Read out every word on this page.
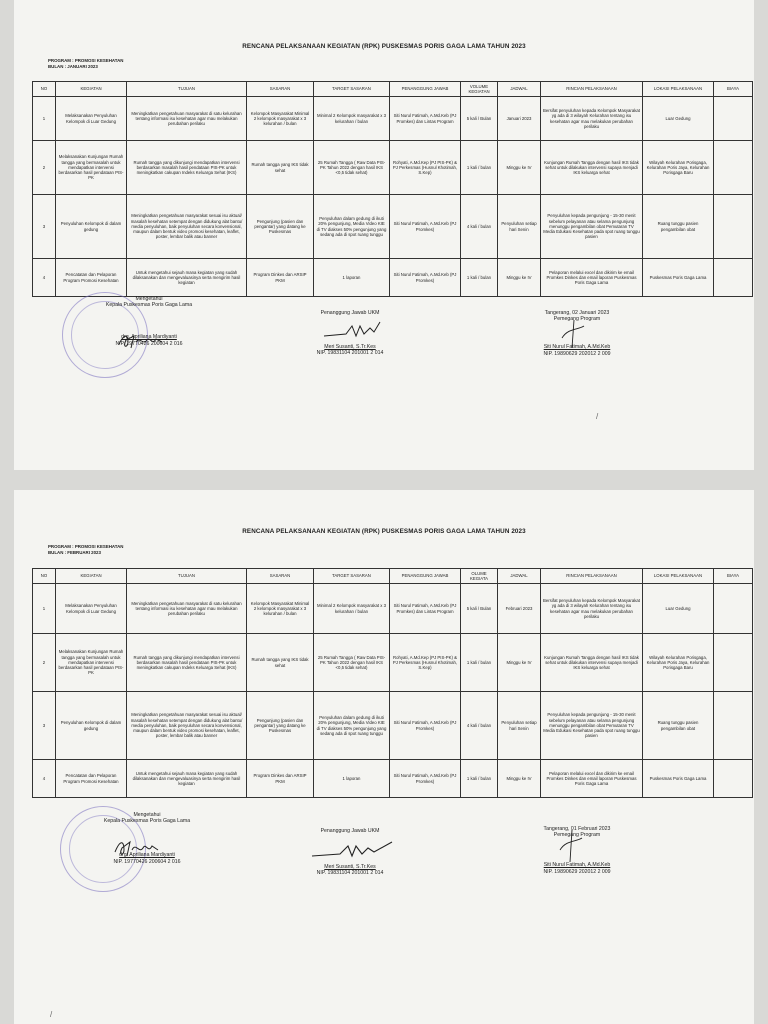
RENCANA PELAKSANAAN KEGIATAN (RPK) PUSKESMAS PORIS GAGA LAMA TAHUN 2023
PROGRAM : PROMOSI KESEHATAN
BULAN : JANUARI 2023
NO	KEGIATAN	TUJUAN	SASARAN	TARGET SASARAN	PENANGGUNG JAWAB	VOLUME KEGIATAN	JADWAL	RINCIAN PELAKSANAAN	LOKASI PELAKSANAAN	BIAYA
1	Melaksanakan Penyuluhan Kelompok di Luar Gedung	Meningkatkan pengetahuan masyarakat di satu kelurahan tentang informasi isu kesehatan agar mau melakukan perubahan perilaku	Kelompok Masyarakat Minimal 2 kelompok masyarakat x 3 kelurahan / bulan	Minimal 2 Kelompok masyarakat x 3 kelurahan / bulan	Siti Nurul Fatimah, A.Md.Keb (PJ Promkes) dan Lintas Program	5 kali / Bulan	Januari 2023	Bersifat penyuluhan kepada Kelompok Masyarakat yg ada di 3 wilayah Kelurahan tentang isu kesehatan agar mau melakukan perubahan perilaku	Luar Gedung	
2	Melaksanakan Kunjungan Rumah tangga yang bermasalah untuk mendapatkan intervensi berdasarkan hasil pendataan PIS-PK	Rumah tangga yang dikunjungi mendapatkan intervensi berdasarkan masalah hasil pendataan PIS-PK untuk meningkatkan cakupan Indeks Keluarga Sehat (IKS)	Rumah tangga yang IKS tidak sehat	25 Rumah Tangga ( Raw Data PIS-PK Tahun 2022 dengan hasil IKS <0,5 tidak sehat)	Rohyati, A.Md.Kep (PJ PIS-PK) & PJ Perkesmas (Husnul Khotimah, S.Kep)	1 kali / bulan	Minggu ke IV	Kunjungan Rumah Tangga dengan hasil IKS tidak sehat untuk dilakukan intervensi supaya menjadi IKS keluarga sehat	Wilayah Kelurahan Porisgaga, Kelurahan Poris Jaya, Kelurahan Porisgaga Baru	
3	Penyuluhan Kelompok di dalam gedung	Meningkatkan pengetahuan masyarakat sesuai isu aktual/ masalah kesehatan setempat dengan didukung alat bantu/ media penyuluhan, baik penyuluhan secara konvensional, maupun dalam bentuk video promosi kesehatan, leaflet, poster, lembar balik atau banner	Pengunjung (pasien dan pengantar) yang datang ke Puskesmas	Penyuluhan dalam gedung di ikuti 20% pengunjung, Media Video KIE di TV diakses 50% pengunjung yang sedang ada di spot ruang tunggu	Siti Nurul Fatimah, A.Md.Keb (PJ Promkes)	4 kali / bulan	Penyuluhan setiap hari Senin	Penyuluhan kepada pengunjung - 15-30 menit sebelum pelayanan atau selama pengunjung menunggu pengambilan obat Pemutaran TV Media Edukasi Kesehatan pada spot ruang tunggu pasien	Ruang tunggu pasien pengambilan obat	
4	Pencatatan dan Pelaporan Program Promosi Kesehatan	Untuk mengetahui sejauh mana kegiatan yang sudah dilaksanakan dan mengevaluasinya serta mengirim hasil kegiatan	Program Dinkes dan ARSIP PKM	1 laporan	Siti Nurul Fatimah, A.Md.Keb (PJ Promkes)	1 kali / bulan	Minggu ke IV	Pelaporan melalui excel dan dikirim ke email Promkes Dinkes dan email laporan Puskesmas Poris Gaga Lama	Puskesmas Poris Gaga Lama	
Mengetahui
Kepala Puskesmas Poris Gaga Lama
drg. Apriliana Mardiyanti
NIP. 19770426 200604 2 016
Penanggung Jawab UKM
Meri Susanti, S.Tr.Kes
NIP. 19831104 201001 2 014
Tangerang, 02 Januari 2023
Pemegang Program
Siti Nurul Fatimah, A.Md.Keb
NIP. 19890629 202012 2 009
/
RENCANA PELAKSANAAN KEGIATAN (RPK) PUSKESMAS PORIS GAGA LAMA TAHUN 2023
PROGRAM : PROMOSI KESEHATAN
BULAN : FEBRUARI 2023
NO	KEGIATAN	TUJUAN	SASARAN	TARGET SASARAN	PENANGGUNG JAWAB	OLUME KEGIATA	JADWAL	RINCIAN PELAKSANAAN	LOKASI PELAKSANAAN	BIAYA
1	Melaksanakan Penyuluhan Kelompok di Luar Gedung	Meningkatkan pengetahuan masyarakat di satu kelurahan tentang informasi isu kesehatan agar mau melakukan perubahan perilaku	Kelompok Masyarakat Minimal 2 kelompok masyarakat x 3 kelurahan / bulan	Minimal 2 Kelompok masyarakat x 3 kelurahan / bulan	Siti Nurul Fatimah, A.Md.Keb (PJ Promkes) dan Lintas Program	5 kali / Bulan	Februari 2023	Bersifat penyuluhan kepada Kelompok Masyarakat yg ada di 3 wilayah Kelurahan tentang isu kesehatan agar mau melakukan perubahan perilaku	Luar Gedung	
2	Melaksanakan Kunjungan Rumah tangga yang bermasalah untuk mendapatkan intervensi berdasarkan hasil pendataan PIS-PK	Rumah tangga yang dikunjungi mendapatkan intervensi berdasarkan masalah hasil pendataan PIS-PK untuk meningkatkan cakupan Indeks Keluarga Sehat (IKS)	Rumah tangga yang IKS tidak sehat	25 Rumah Tangga ( Raw Data PIS-PK Tahun 2022 dengan hasil IKS <0,5 tidak sehat)	Rohyati, A.Md.Kep (PJ PIS-PK) & PJ Perkesmas (Husnul Khotimah, S.Kep)	1 kali / bulan	Minggu ke IV	Kunjungan Rumah Tangga dengan hasil IKS tidak sehat untuk dilakukan intervensi supaya menjadi IKS keluarga sehat	Wilayah Kelurahan Porisgaga, Kelurahan Poris Jaya, Kelurahan Porisgaga Baru	
3	Penyuluhan Kelompok di dalam gedung	Meningkatkan pengetahuan masyarakat sesuai isu aktual/ masalah kesehatan setempat dengan didukung alat bantu/ media penyuluhan, baik penyuluhan secara konvensional, maupun dalam bentuk video promosi kesehatan, leaflet, poster, lembar balik atau banner	Pengunjung (pasien dan pengantar) yang datang ke Puskesmas	Penyuluhan dalam gedung di ikuti 20% pengunjung, Media Video KIE di TV diakses 50% pengunjung yang sedang ada di spot ruang tunggu	Siti Nurul Fatimah, A.Md.Keb (PJ Promkes)	4 kali / bulan	Penyuluhan setiap hari Senin	Penyuluhan kepada pengunjung - 15-30 menit sebelum pelayanan atau selama pengunjung menunggu pengambilan obat Pemutaran TV Media Edukasi Kesehatan pada spot ruang tunggu pasien	Ruang tunggu pasien pengambilan obat	
4	Pencatatan dan Pelaporan Program Promosi Kesehatan	Untuk mengetahui sejauh mana kegiatan yang sudah dilaksanakan dan mengevaluasinya serta mengirim hasil kegiatan	Program Dinkes dan ARSIP PKM	1 laporan	Siti Nurul Fatimah, A.Md.Keb (PJ Promkes)	1 kali / bulan	Minggu ke IV	Pelaporan melalui excel dan dikirim ke email Promkes Dinkes dan email laporan Puskesmas Poris Gaga Lama	Puskesmas Poris Gaga Lama	
Mengetahui
Kepala Puskesmas Poris Gaga Lama
drg. Apriliana Mardiyanti
NIP. 19770426 200604 2 016
Penanggung Jawab UKM
Meri Susanti, S.Tr.Kes
NIP. 19831104 201001 2 014
Tangerang, 01 Februari 2023
Pemegang Program
Siti Nurul Fatimah, A.Md.Keb
NIP. 19890629 202012 2 009
/
